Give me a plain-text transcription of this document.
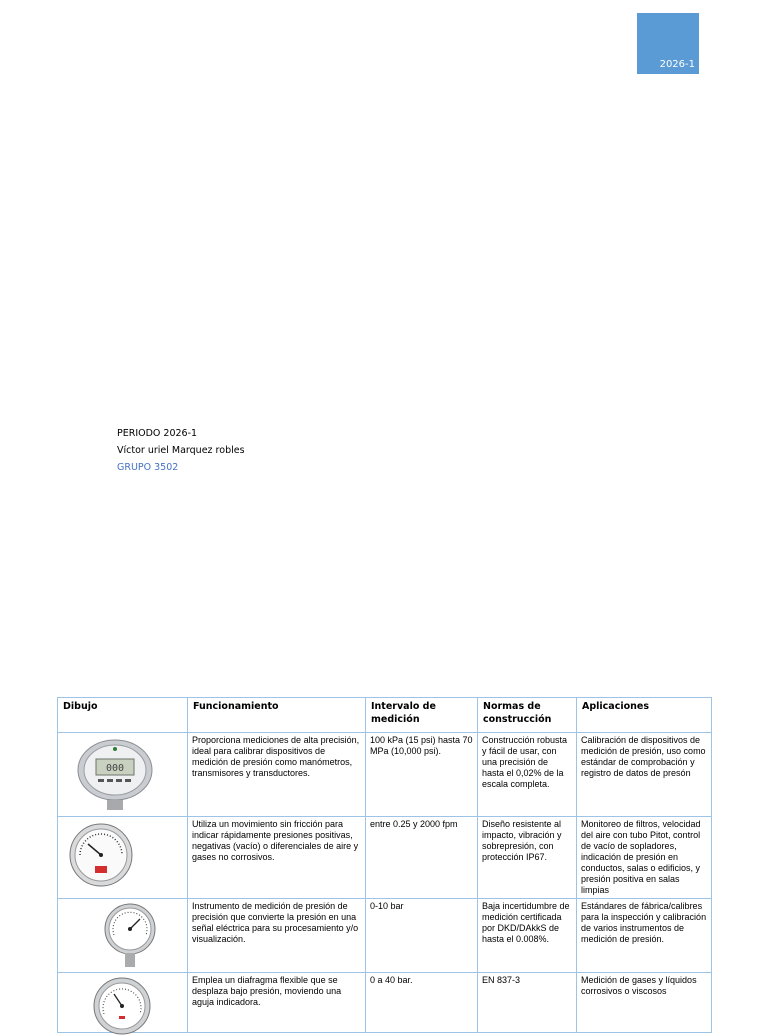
2026-1
PERIODO 2026-1
Víctor uriel Marquez robles
GRUPO 3502
Dibujo	Funcionamiento	Intervalo de medición	Normas de construcción	Aplicaciones

000	Proporciona mediciones de alta precisión, ideal para calibrar dispositivos de medición de presión como manómetros, transmisores y transductores.	100 kPa (15 psi) hasta 70 MPa (10,000 psi).	Construcción robusta y fácil de usar, con una precisión de hasta el 0,02% de la escala completa.	Calibración de dispositivos de medición de presión, uso como estándar de comprobación y registro de datos de presón

	Utiliza un movimiento sin fricción para indicar rápidamente presiones positivas, negativas (vacío) o diferenciales de aire y gases no corrosivos.	entre 0.25 y 2000 fpm	Diseño resistente al impacto, vibración y sobrepresión, con protección IP67.	Monitoreo de filtros, velocidad del aire con tubo Pitot, control de vacío de sopladores, indicación de presión en conductos, salas o edificios, y presión positiva en salas limpias

	Instrumento de medición de presión de precisión que convierte la presión en una señal eléctrica para su procesamiento y/o visualización.	0-10 bar	Baja incertidumbre de medición certificada por DKD/DAkkS de hasta el 0.008%.	Estándares de fábrica/calibres para la inspección y calibración de varios instrumentos de medición de presión.

	Emplea un diafragma flexible que se desplaza bajo presión, moviendo una aguja indicadora.	0 a 40 bar.	EN 837-3	Medición de gases y líquidos corrosivos o viscosos
